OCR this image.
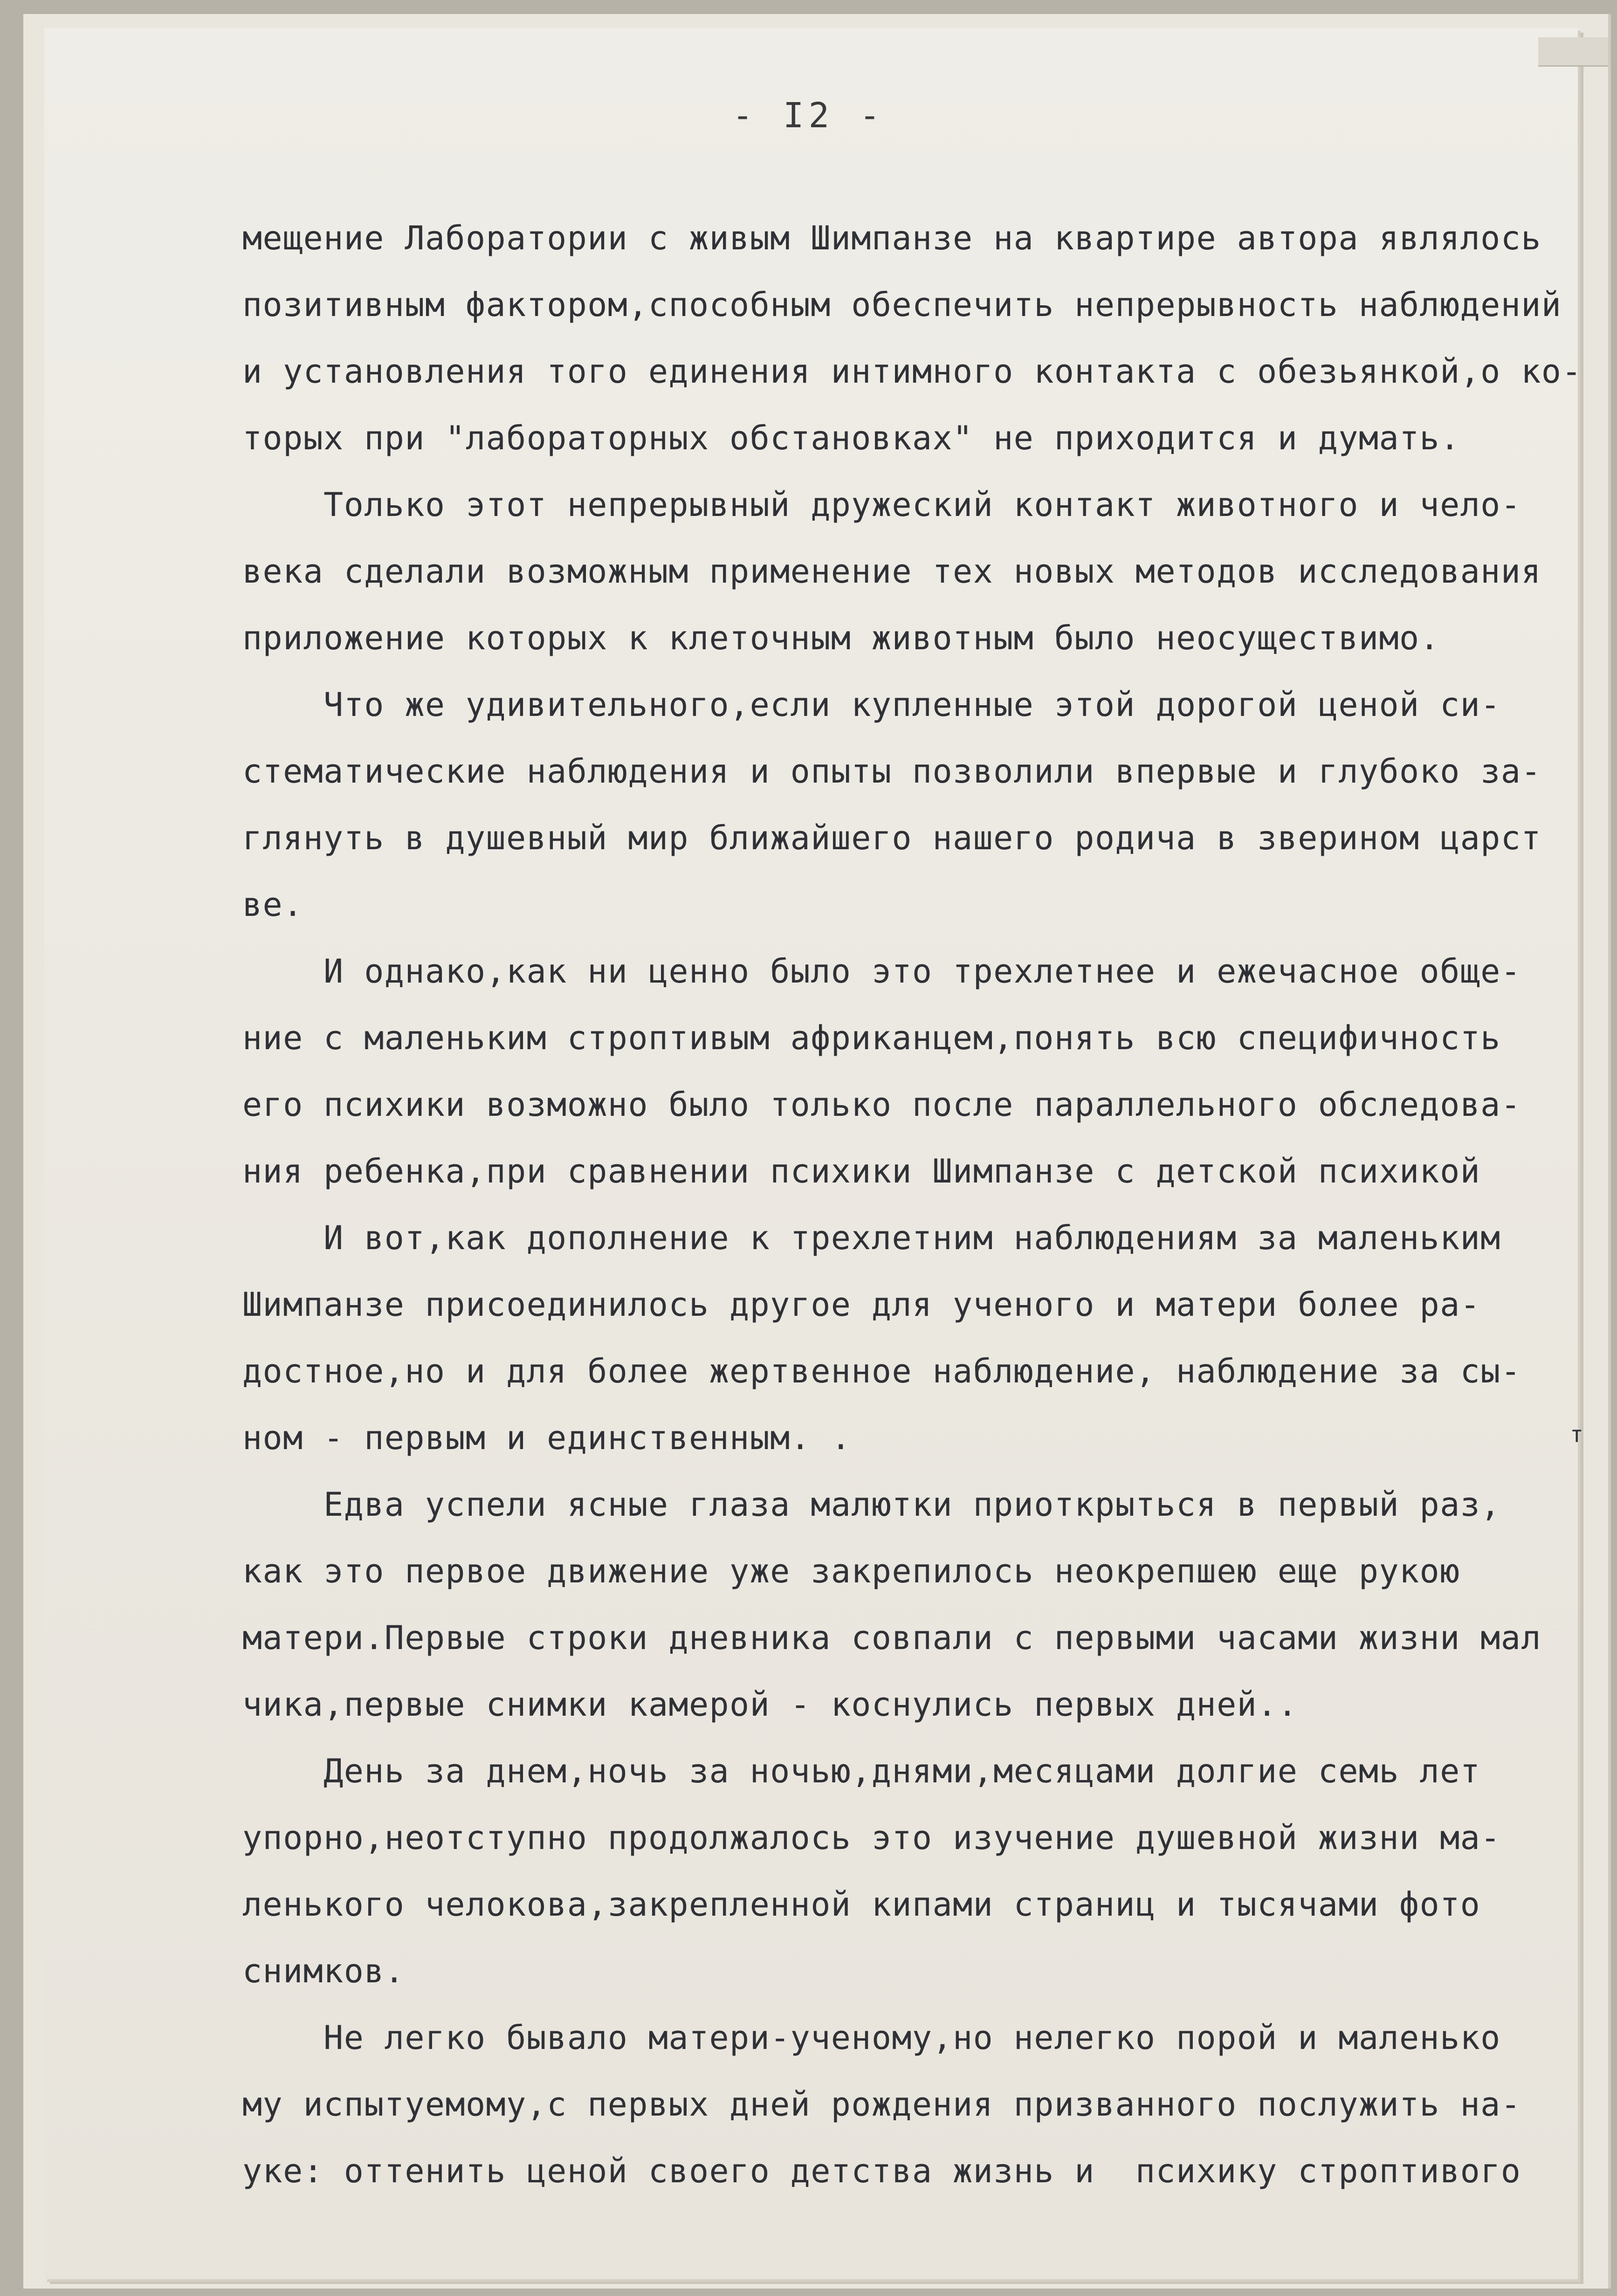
- I2 -
мещение Лаборатории с живым Шимпанзе на квартире автора являлось
позитивным фактором,способным обеспечить непрерывность наблюдений
и установления того единения интимного контакта с обезьянкой,о ко-
торых при "лабораторных обстановках" не приходится и думать.
Только этот непрерывный дружеский контакт животного и чело-
века сделали возможным применение тех новых методов исследования
приложение которых к клеточным животным было неосуществимо.
Что же удивительного,если купленные этой дорогой ценой си-
стематические наблюдения и опыты позволили впервые и глубоко за-
глянуть в душевный мир ближайшего нашего родича в зверином царст
ве.
И однако,как ни ценно было это трехлетнее и ежечасное обще-
ние с маленьким строптивым африканцем,понять всю специфичность
его психики возможно было только после параллельного обследова-
ния ребенка,при сравнении психики Шимпанзе с детской психикой
И вот,как дополнение к трехлетним наблюдениям за маленьким
Шимпанзе присоединилось другое для ученого и матери более ра-
достное,но и для более жертвенное наблюдение, наблюдение за сы-
ном - первым и единственным. .
Едва успели ясные глаза малютки приоткрыться в первый раз,
как это первое движение уже закрепилось неокрепшею еще рукою
матери.Первые строки дневника совпали с первыми часами жизни мал
чика,первые снимки камерой - коснулись первых дней..
День за днем,ночь за ночью,днями,месяцами долгие семь лет
упорно,неотступно продолжалось это изучение душевной жизни ма-
ленького челокова,закрепленной кипами страниц и тысячами фото
снимков.
Не легко бывало матери-ученому,но нелегко порой и маленько
му испытуемому,с первых дней рождения призванного послужить на-
уке: оттенить ценой своего детства жизнь и  психику строптивого
т
